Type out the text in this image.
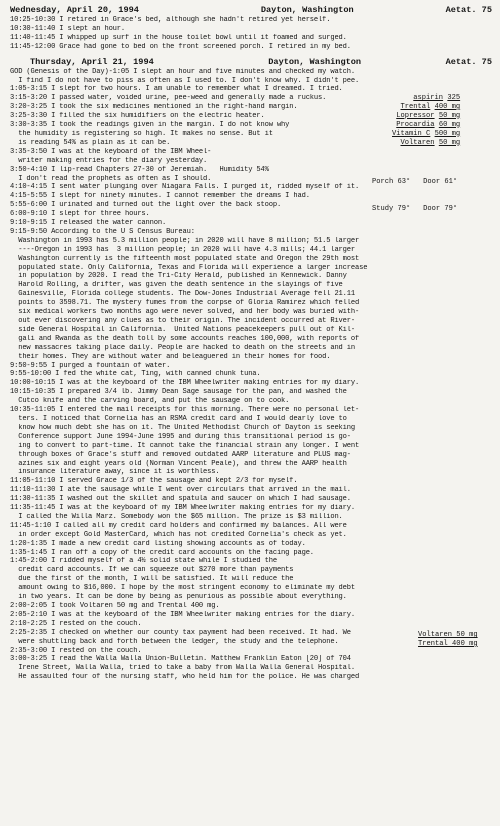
Wednesday, April 20, 1994	Dayton, Washington	Aetat. 75
10:25-10:30 I retired in Grace's bed, although she hadn't retired yet herself.
10:30-11:40 I slept an hour.
11:40-11:45 I whipped up surf in the house toilet bowl until it foamed and surged.
11:45-12:00 Grace had gone to bed on the front screened porch. I retired in my bed.
Thursday, April 21, 1994	Dayton, Washington	Aetat. 75
GOD (Genesis of the Day)-1:05 I slept an hour and five minutes and checked my watch.
I find I do not have to piss as often as I used to. I don't know why. I didn't pee.
1:05-3:15 I slept for two hours. I am unable to remember what I dreamed. I tried.
3:15-3:20 I passed water, voided urine, pee-weed and generally made a ruckus.
3:20-3:25 I took the six medicines mentioned in the right-hand margin.
3:25-3:30 I filled the six humidifiers on the electric heater.
3:30-3:35 I took the readings given in the margin. I do not know why
the humidity is registering so high. It makes no sense. But it
is reading 54% as plain as it can be.
3:35-3:50 I was at the keyboard of the IBM Wheel-
writer making entries for the diary yesterday.
3:50-4:10 I lip-read Chapters 27-30 of Jeremiah.   Humidity 54%
I don't read the prophets as often as I should.
4:10-4:15 I sent water plunging over Niagara Falls. I purged it, ridded myself of it.
4:15-5:55 I slept for ninety minutes. I cannot remember the dreams I had.
5:55-6:00 I urinated and turned out the light over the back stoop.
6:00-9:10 I slept for three hours.
9:10-9:15 I released the water cannon.
9:15-9:50 According to the U S Census Bureau:
Washington in 1993 has 5.3 million people; in 2020 will have 8 million; 51.5 larger
----Oregon in 1993 has  3 million people; in 2020 will have 4.3 mills; 44.1 larger
Washington currently is the fifteenth most populated state and Oregon the 29th most
populated state. Only California, Texas and Florida will experience a larger increase
in population by 2020. I read the Tri-City Herald, published in Kennewick. Danny
Harold Rolling, a drifter, was given the death sentence in the slayings of five
Gainesville, Florida college students. The Dow-Jones Industrial Average fell 21.11
points to 3598.71. The mystery fumes from the corpse of Gloria Ramirez which felled
six medical workers two months ago were never solved, and her body was buried with-
out ever discovering any clues as to their origin. The incident occurred at River-
side General Hospital in California.  United Nations peacekeepers pull out of Kil-
gali and Rwanda as the death toll by some accounts reaches 100,000, with reports of
new massacres taking place daily. People are hacked to death on the streets and in
their homes. They are without water and beleaguered in their homes for food.
9:50-9:55 I purged a fountain of water.
9:55-10:00 I fed the white cat, Ting, with canned chunk tuna.
10:00-10:15 I was at the keyboard of the IBM Wheelwriter making entries for my diary.
10:15-10:35 I prepared 3/4 lb. Jimmy Dean Sage sausage for the pan, and washed the
Cutco knife and the carving board, and put the sausage on to cook.
10:35-11:05 I entered the mail receipts for this morning. There were no personal let-
ters. I noticed that Cornelia has an RSMA credit card and I would dearly love to
know how much debt she has on it. The United Methodist Church of Dayton is seeking
Conference support June 1994-June 1995 and during this transitional period is go-
ing to convert to part-time. It cannot take the financial strain any longer. I went
through boxes of Grace's stuff and removed outdated AARP literature and PLUS mag-
azines six and eight years old (Norman Vincent Peale), and threw the AARP health
insurance literature away, since it is worthless.
11:05-11:10 I served Grace 1/3 of the sausage and kept 2/3 for myself.
11:10-11:30 I ate the sausage while I went over circulars that arrived in the mail.
11:30-11:35 I washed out the skillet and spatula and saucer on which I had sausage.
11:35-11:45 I was at the keyboard of my IBM Wheelwriter making entries for my diary.
I called the Willa Marz. Somebody won the $65 million. The prize is $3 million.
11:45-1:10 I called all my credit card holders and confirmed my balances. All were
in order except Gold MasterCard, which has not credited Cornelia's check as yet.
1:20-1:35 I made a new credit card listing showing accounts as of today.
1:35-1:45 I ran off a copy of the credit card accounts on the facing page.
1:45-2:00 I ridded myself of a 4½ solid state while I studied the
credit card accounts. If we can squeeze out $270 more than payments
due the first of the month, I will be satisfied. It will reduce the
amount owing to $16,000. I hope by the most stringent economy to eliminate my debt
in two years. It can be done by being as penurious as possible about everything.
2:00-2:05 I took Voltaren 50 mg and Trental 400 mg.
2:05-2:10 I was at the keyboard of the IBM Wheelwriter making entries for the diary.
2:10-2:25 I rested on the couch.
2:25-2:35 I checked on whether our county tax payment had been received. It had. We
were shuttling back and forth between the ledger, the study and the telephone.
2:35-3:00 I rested on the couch.
3:00-3:25 I read the Walla Walla Union-Bulletin. Matthew Franklin Eaton [20] of 704
Irene Street, Walla Walla, tried to take a baby from Walla Walla General Hospital.
He assaulted four of the nursing staff, who held him for the police. He was charged
aspirin 325
Trental 400 mg
Lopressor 50 mg
Procardia 60 mg
Vitamin C 500 mg
Voltaren 50 mg

Porch 63°   Door 61°

Study 79°   Door 79°

Voltaren 50 mg
Trental 400 mg
